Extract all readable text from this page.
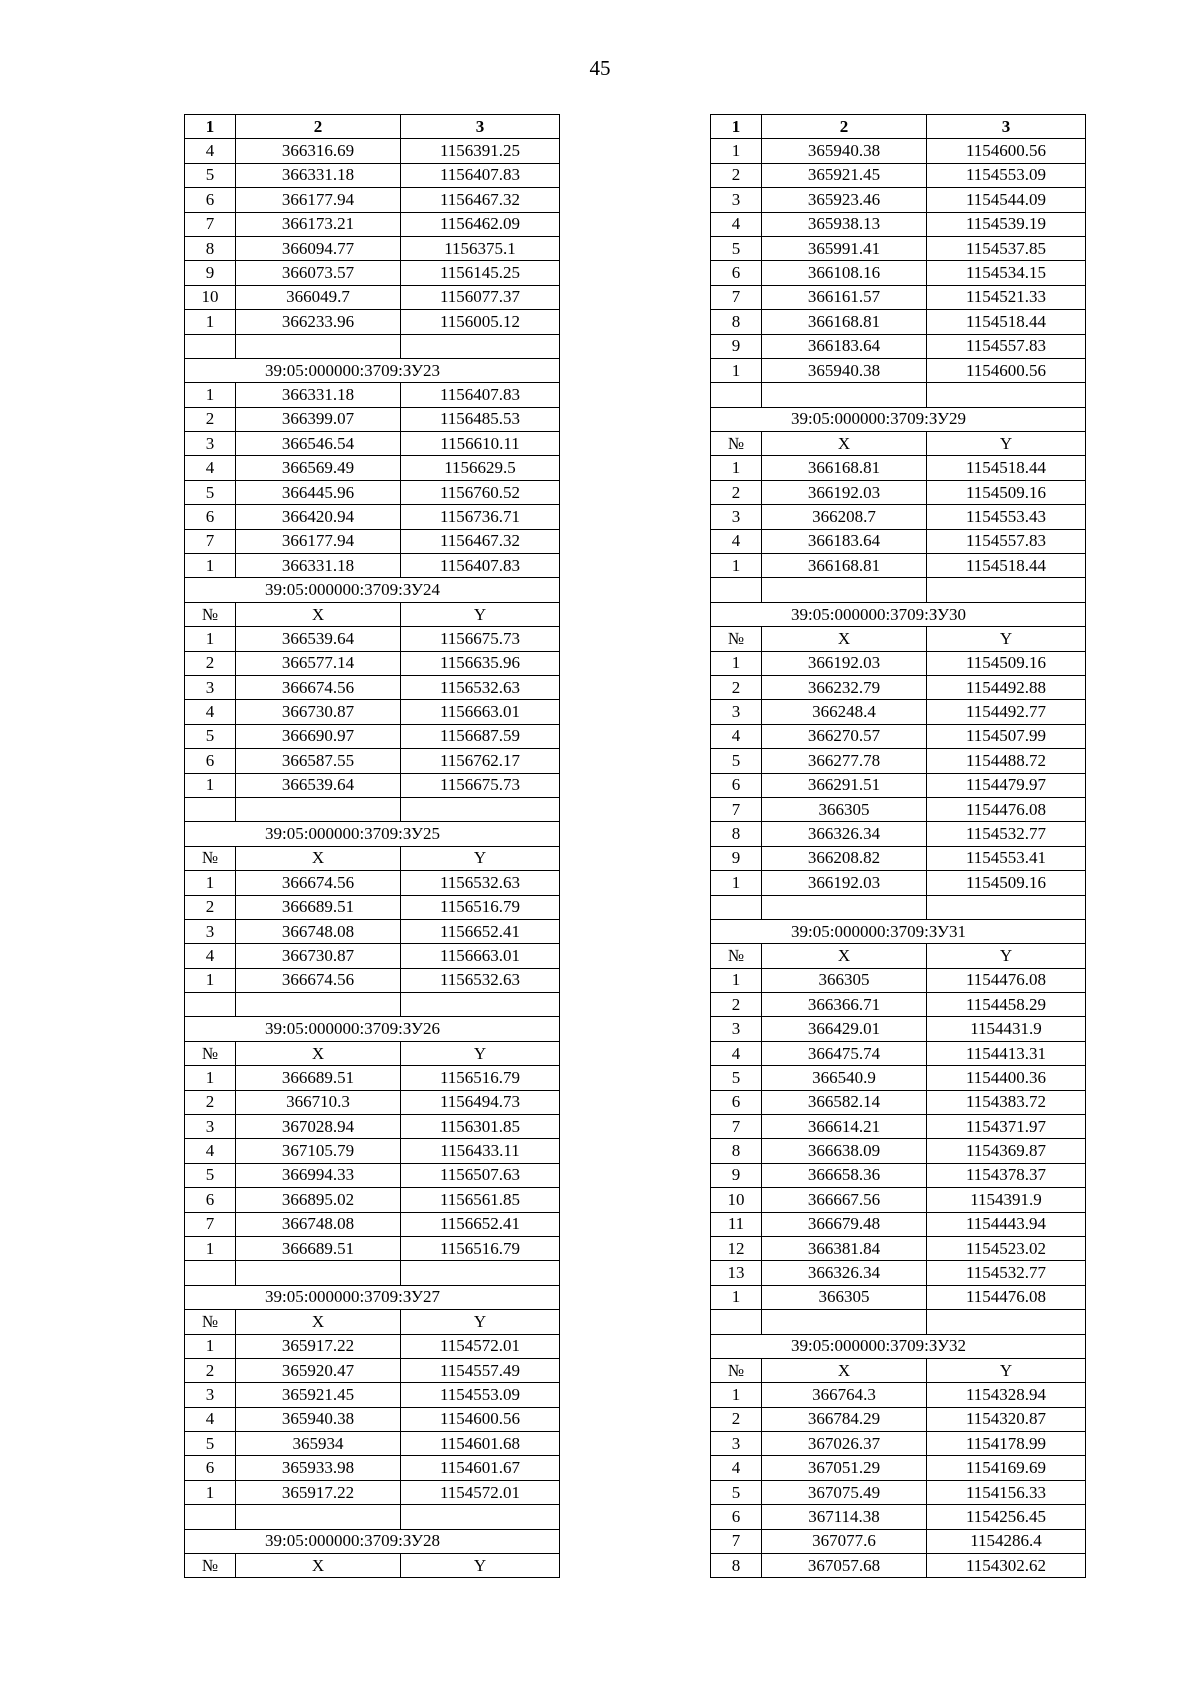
45
1	2	3
4	366316.69	1156391.25
5	366331.18	1156407.83
6	366177.94	1156467.32
7	366173.21	1156462.09
8	366094.77	1156375.1
9	366073.57	1156145.25
10	366049.7	1156077.37
1	366233.96	1156005.12

39:05:000000:3709:ЗУ23		
1	366331.18	1156407.83
2	366399.07	1156485.53
3	366546.54	1156610.11
4	366569.49	1156629.5
5	366445.96	1156760.52
6	366420.94	1156736.71
7	366177.94	1156467.32
1	366331.18	1156407.83
39:05:000000:3709:ЗУ24		
№	X	Y
1	366539.64	1156675.73
2	366577.14	1156635.96
3	366674.56	1156532.63
4	366730.87	1156663.01
5	366690.97	1156687.59
6	366587.55	1156762.17
1	366539.64	1156675.73

39:05:000000:3709:ЗУ25		
№	X	Y
1	366674.56	1156532.63
2	366689.51	1156516.79
3	366748.08	1156652.41
4	366730.87	1156663.01
1	366674.56	1156532.63

39:05:000000:3709:ЗУ26		
№	X	Y
1	366689.51	1156516.79
2	366710.3	1156494.73
3	367028.94	1156301.85
4	367105.79	1156433.11
5	366994.33	1156507.63
6	366895.02	1156561.85
7	366748.08	1156652.41
1	366689.51	1156516.79

39:05:000000:3709:ЗУ27		
№	X	Y
1	365917.22	1154572.01
2	365920.47	1154557.49
3	365921.45	1154553.09
4	365940.38	1154600.56
5	365934	1154601.68
6	365933.98	1154601.67
1	365917.22	1154572.01

39:05:000000:3709:ЗУ28		
№	X	Y
1	2	3
1	365940.38	1154600.56
2	365921.45	1154553.09
3	365923.46	1154544.09
4	365938.13	1154539.19
5	365991.41	1154537.85
6	366108.16	1154534.15
7	366161.57	1154521.33
8	366168.81	1154518.44
9	366183.64	1154557.83
1	365940.38	1154600.56

39:05:000000:3709:ЗУ29		
№	X	Y
1	366168.81	1154518.44
2	366192.03	1154509.16
3	366208.7	1154553.43
4	366183.64	1154557.83
1	366168.81	1154518.44

39:05:000000:3709:ЗУ30		
№	X	Y
1	366192.03	1154509.16
2	366232.79	1154492.88
3	366248.4	1154492.77
4	366270.57	1154507.99
5	366277.78	1154488.72
6	366291.51	1154479.97
7	366305	1154476.08
8	366326.34	1154532.77
9	366208.82	1154553.41
1	366192.03	1154509.16

39:05:000000:3709:ЗУ31		
№	X	Y
1	366305	1154476.08
2	366366.71	1154458.29
3	366429.01	1154431.9
4	366475.74	1154413.31
5	366540.9	1154400.36
6	366582.14	1154383.72
7	366614.21	1154371.97
8	366638.09	1154369.87
9	366658.36	1154378.37
10	366667.56	1154391.9
11	366679.48	1154443.94
12	366381.84	1154523.02
13	366326.34	1154532.77
1	366305	1154476.08

39:05:000000:3709:ЗУ32		
№	X	Y
1	366764.3	1154328.94
2	366784.29	1154320.87
3	367026.37	1154178.99
4	367051.29	1154169.69
5	367075.49	1154156.33
6	367114.38	1154256.45
7	367077.6	1154286.4
8	367057.68	1154302.62
